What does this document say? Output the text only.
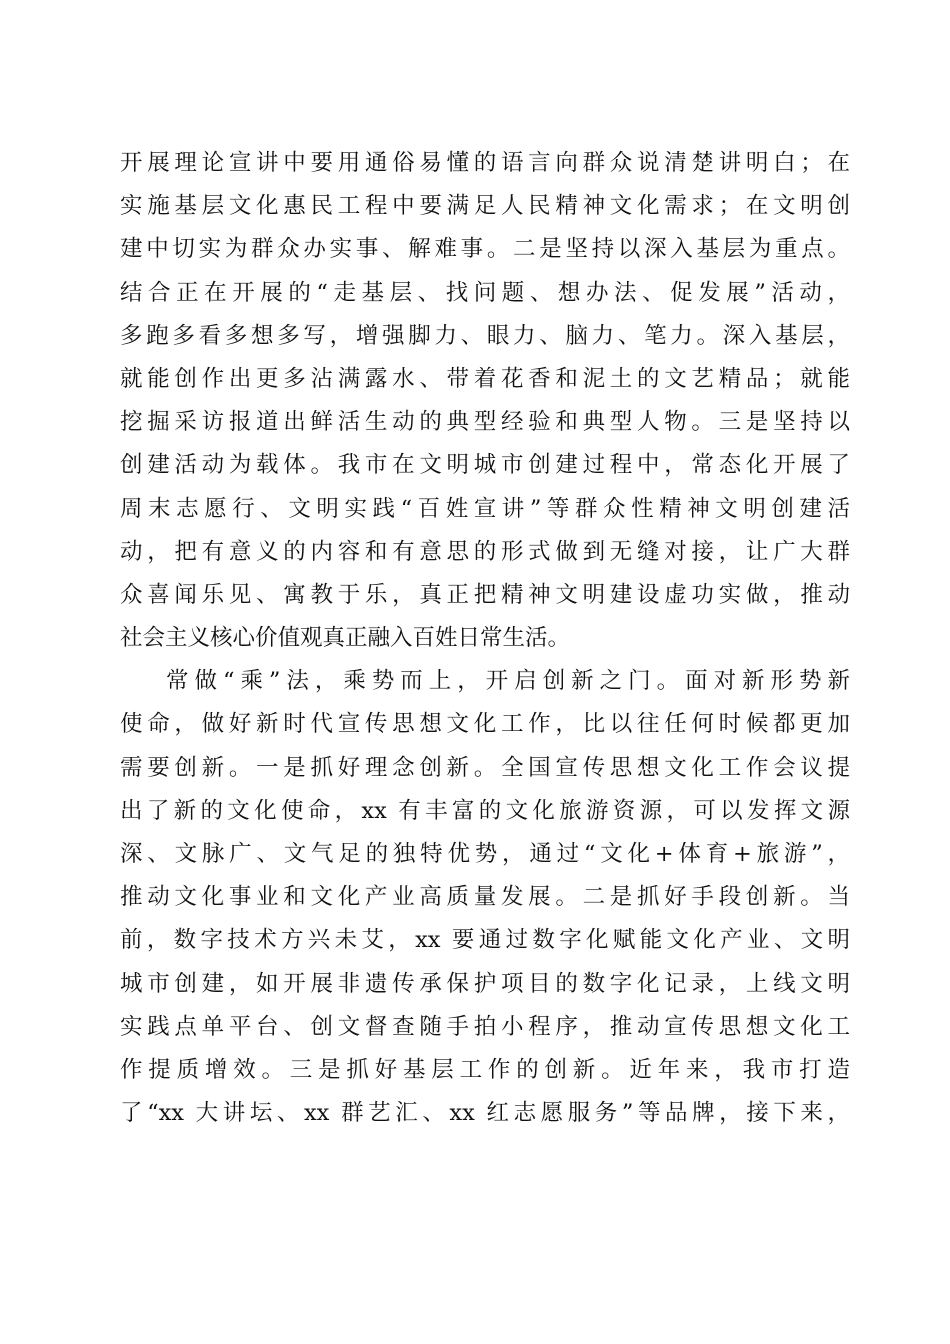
开展理论宣讲中要用通俗易懂的语言向群众说清楚讲明白；在
实施基层文化惠民工程中要满足人民精神文化需求；在文明创
建中切实为群众办实事、解难事。二是坚持以深入基层为重点。
结合正在开展的“走基层、找问题、想办法、促发展”活动，
多跑多看多想多写，增强脚力、眼力、脑力、笔力。深入基层，
就能创作出更多沾满露水、带着花香和泥土的文艺精品；就能
挖掘采访报道出鲜活生动的典型经验和典型人物。三是坚持以
创建活动为载体。我市在文明城市创建过程中，常态化开展了
周末志愿行、文明实践“百姓宣讲”等群众性精神文明创建活
动，把有意义的内容和有意思的形式做到无缝对接，让广大群
众喜闻乐见、寓教于乐，真正把精神文明建设虚功实做，推动
社会主义核心价值观真正融入百姓日常生活。
常做“乘”法，乘势而上，开启创新之门。面对新形势新
使命，做好新时代宣传思想文化工作，比以往任何时候都更加
需要创新。一是抓好理念创新。全国宣传思想文化工作会议提
出了新的文化使命，xx 有丰富的文化旅游资源，可以发挥文源
深、文脉广、文气足的独特优势，通过“文化+体育+旅游”，
推动文化事业和文化产业高质量发展。二是抓好手段创新。当
前，数字技术方兴未艾，xx 要通过数字化赋能文化产业、文明
城市创建，如开展非遗传承保护项目的数字化记录，上线文明
实践点单平台、创文督查随手拍小程序，推动宣传思想文化工
作提质增效。三是抓好基层工作的创新。近年来，我市打造
了“xx 大讲坛、xx 群艺汇、xx 红志愿服务”等品牌，接下来，
